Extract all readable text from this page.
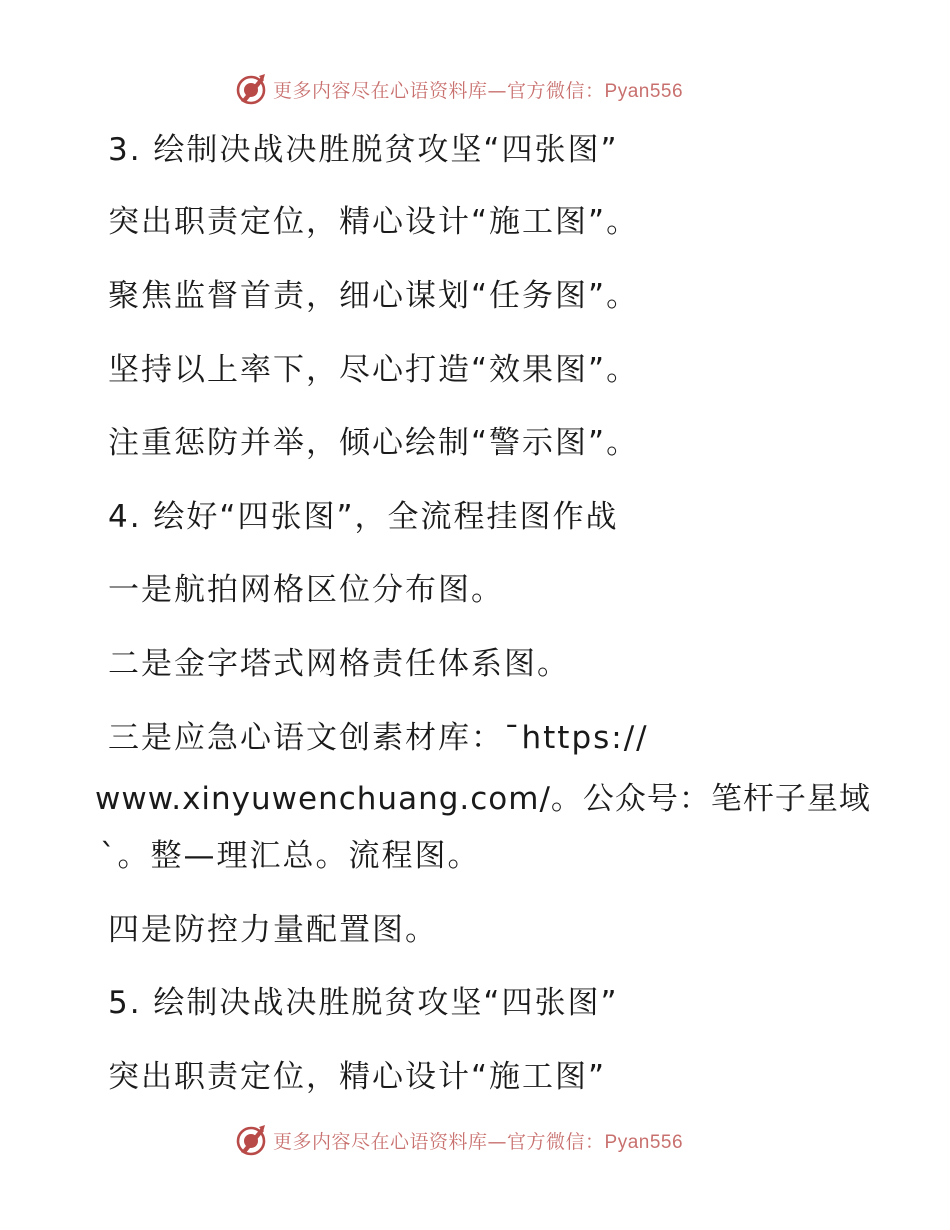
更多内容尽在心语资料库—官方微信：Pyan556
3. 绘制决战决胜脱贫攻坚“四张图”
突出职责定位，精心设计“施工图”。
聚焦监督首责，细心谋划“任务图”。
坚持以上率下，尽心打造“效果图”。
注重惩防并举，倾心绘制“警示图”。
4. 绘好“四张图”，全流程挂图作战
一是航拍网格区位分布图。
二是金字塔式网格责任体系图。
三是应急心语文创素材库：¯https://
www.xinyuwenchuang.com/。公众号：笔杆子星域
`。整—理汇总。流程图。
四是防控力量配置图。
5. 绘制决战决胜脱贫攻坚“四张图”
突出职责定位，精心设计“施工图”
更多内容尽在心语资料库—官方微信：Pyan556
